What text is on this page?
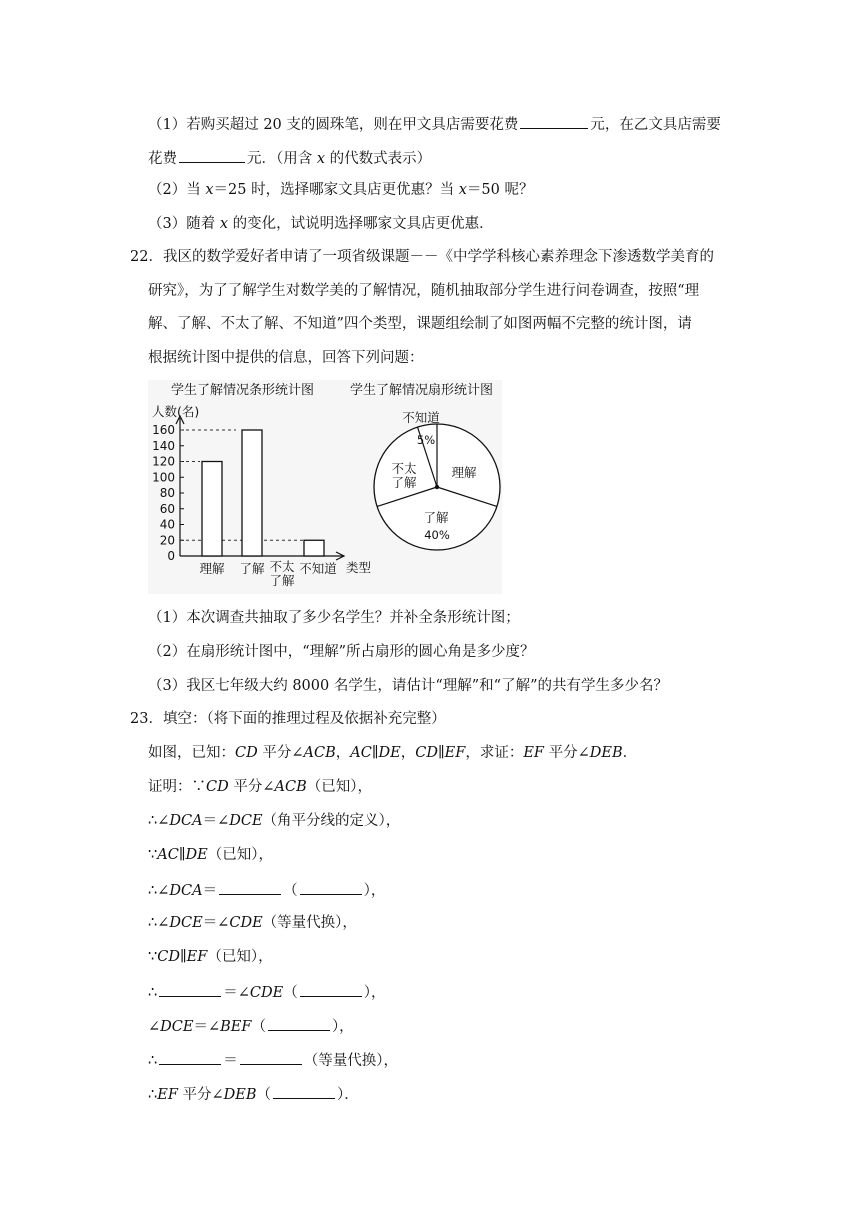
（1）若购买超过 20 支的圆珠笔，则在甲文具店需要花费	元，在乙文具店需要
花费	元．（用含 x 的代数式表示）
（2）当 x＝25 时，选择哪家文具店更优惠？当 x＝50 呢？
（3）随着 x 的变化，试说明选择哪家文具店更优惠．
22．我区的数学爱好者申请了一项省级课题－－《中学学科核心素养理念下渗透数学美育的
研究》，为了了解学生对数学美的了解情况，随机抽取部分学生进行问卷调查，按照“理
解、了解、不太了解、不知道”四个类型，课题组绘制了如图两幅不完整的统计图，请
根据统计图中提供的信息，回答下列问题：
学生了解情况条形统计图
人数(名)
类型
0
20
40
60
80
100
120
140
160
理解 了解 不太
了解
不知道
学生了解情况扇形统计图
不知道
5%
理解
了解
40%
不太
了解
（1）本次调查共抽取了多少名学生？并补全条形统计图；
（2）在扇形统计图中，“理解”所占扇形的圆心角是多少度？
（3）我区七年级大约 8000 名学生，请估计“理解”和“了解”的共有学生多少名？
23．填空：（将下面的推理过程及依据补充完整）
如图，已知：CD 平分∠ACB，AC∥DE，CD∥EF，求证：EF 平分∠DEB．
证明：∵CD 平分∠ACB（已知），
∴∠DCA＝∠DCE（角平分线的定义），
∵AC∥DE（已知），
∴∠DCA＝	（	），
∴∠DCE＝∠CDE（等量代换），
∵CD∥EF（已知），
∴	＝∠CDE（	），
∠DCE＝∠BEF（	），
∴	＝	（等量代换），
∴EF 平分∠DEB（	）．
